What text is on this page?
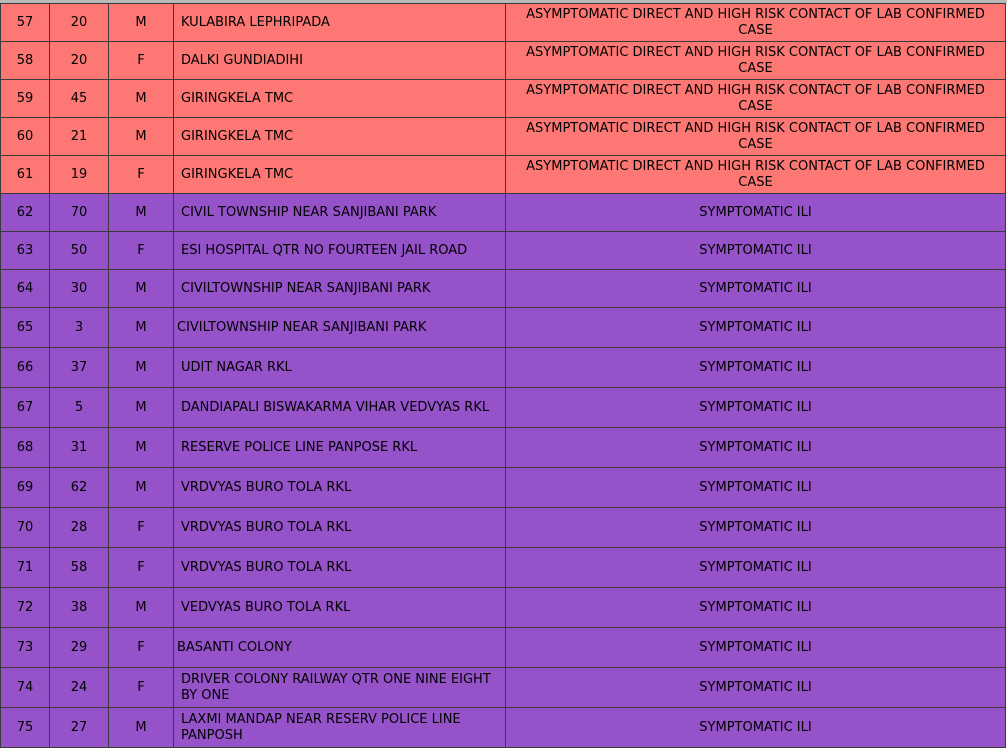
57	20	M	KULABIRA LEPHRIPADA	ASYMPTOMATIC DIRECT AND HIGH RISK CONTACT OF LAB CONFIRMED CASE
58	20	F	DALKI GUNDIADIHI	ASYMPTOMATIC DIRECT AND HIGH RISK CONTACT OF LAB CONFIRMED CASE
59	45	M	GIRINGKELA TMC	ASYMPTOMATIC DIRECT AND HIGH RISK CONTACT OF LAB CONFIRMED CASE
60	21	M	GIRINGKELA TMC	ASYMPTOMATIC DIRECT AND HIGH RISK CONTACT OF LAB CONFIRMED CASE
61	19	F	GIRINGKELA TMC	ASYMPTOMATIC DIRECT AND HIGH RISK CONTACT OF LAB CONFIRMED CASE
62	70	M	CIVIL TOWNSHIP NEAR SANJIBANI PARK	SYMPTOMATIC ILI
63	50	F	ESI HOSPITAL QTR NO FOURTEEN JAIL ROAD	SYMPTOMATIC ILI
64	30	M	CIVILTOWNSHIP NEAR SANJIBANI PARK	SYMPTOMATIC ILI
65	3	M	CIVILTOWNSHIP NEAR SANJIBANI PARK	SYMPTOMATIC ILI
66	37	M	UDIT NAGAR RKL	SYMPTOMATIC ILI
67	5	M	DANDIAPALI BISWAKARMA VIHAR VEDVYAS RKL	SYMPTOMATIC ILI
68	31	M	RESERVE POLICE LINE PANPOSE RKL	SYMPTOMATIC ILI
69	62	M	VRDVYAS BURO TOLA RKL	SYMPTOMATIC ILI
70	28	F	VRDVYAS BURO TOLA RKL	SYMPTOMATIC ILI
71	58	F	VRDVYAS BURO TOLA RKL	SYMPTOMATIC ILI
72	38	M	VEDVYAS BURO TOLA RKL	SYMPTOMATIC ILI
73	29	F	BASANTI COLONY	SYMPTOMATIC ILI
74	24	F	DRIVER COLONY RAILWAY QTR ONE NINE EIGHT BY ONE	SYMPTOMATIC ILI
75	27	M	LAXMI MANDAP NEAR RESERV POLICE LINE PANPOSH	SYMPTOMATIC ILI
